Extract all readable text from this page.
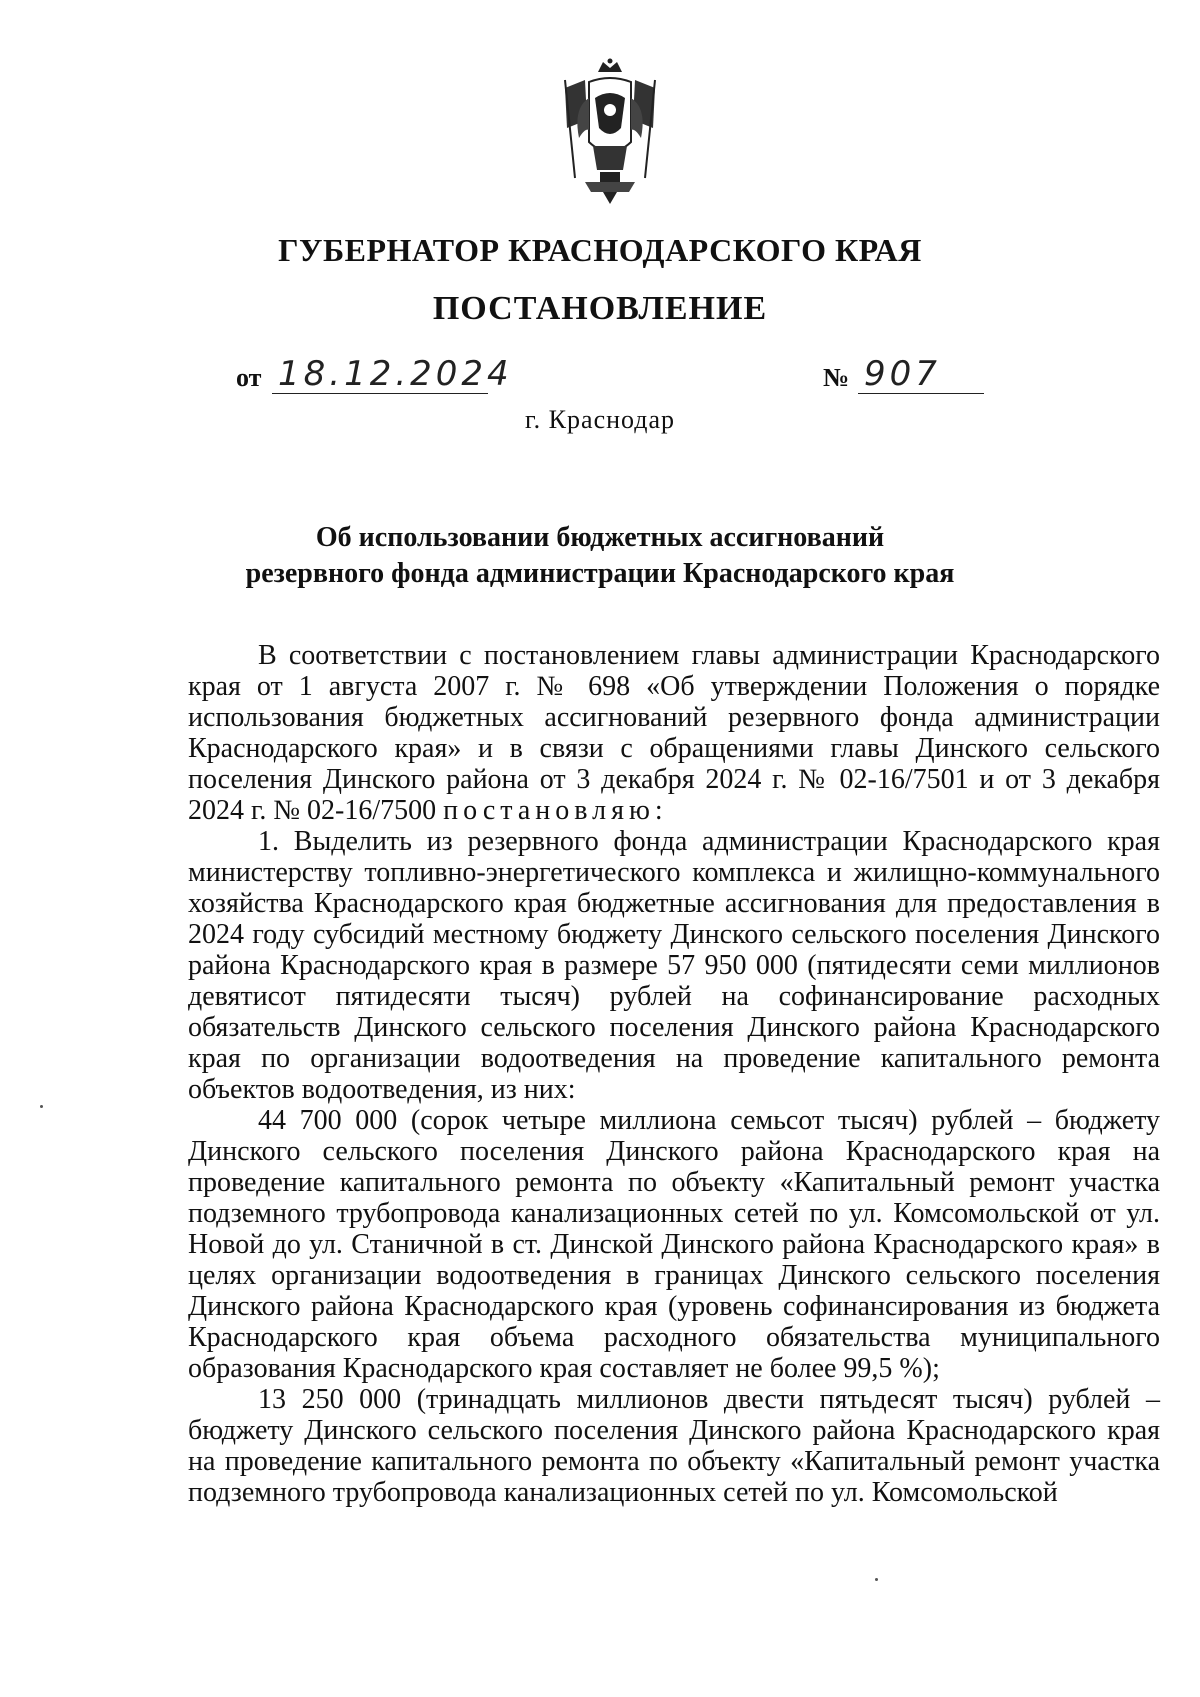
ГУБЕРНАТОР КРАСНОДАРСКОГО КРАЯ
ПОСТАНОВЛЕНИЕ
от 18.12.2024	№ 907
г. Краснодар
Об использовании бюджетных ассигнований
резервного фонда администрации Краснодарского края

В соответствии с постановлением главы администрации Краснодарского края от 1 августа 2007 г. № 698 «Об утверждении Положения о порядке использования бюджетных ассигнований резервного фонда администрации Краснодарского края» и в связи с обращениями главы Динского сельского поселения Динского района от 3 декабря 2024 г. № 02-16/7501 и от 3 декабря 2024 г. № 02-16/7500 постановляю:

1. Выделить из резервного фонда администрации Краснодарского края министерству топливно-энергетического комплекса и жилищно-коммунального хозяйства Краснодарского края бюджетные ассигнования для предоставления в 2024 году субсидий местному бюджету Динского сельского поселения Динского района Краснодарского края в размере 57 950 000 (пятидесяти семи миллионов девятисот пятидесяти тысяч) рублей на софинансирование расходных обязательств Динского сельского поселения Динского района Краснодарского края по организации водоотведения на проведение капитального ремонта объектов водоотведения, из них:

44 700 000 (сорок четыре миллиона семьсот тысяч) рублей – бюджету Динского сельского поселения Динского района Краснодарского края на проведение капитального ремонта по объекту «Капитальный ремонт участка подземного трубопровода канализационных сетей по ул. Комсомольской от ул. Новой до ул. Станичной в ст. Динской Динского района Краснодарского края» в целях организации водоотведения в границах Динского сельского поселения Динского района Краснодарского края (уровень софинансирования из бюджета Краснодарского края объема расходного обязательства муниципального образования Краснодарского края составляет не более 99,5 %);

13 250 000 (тринадцать миллионов двести пятьдесят тысяч) рублей – бюджету Динского сельского поселения Динского района Краснодарского края на проведение капитального ремонта по объекту «Капитальный ремонт участка подземного трубопровода канализационных сетей по ул. Комсомольской
